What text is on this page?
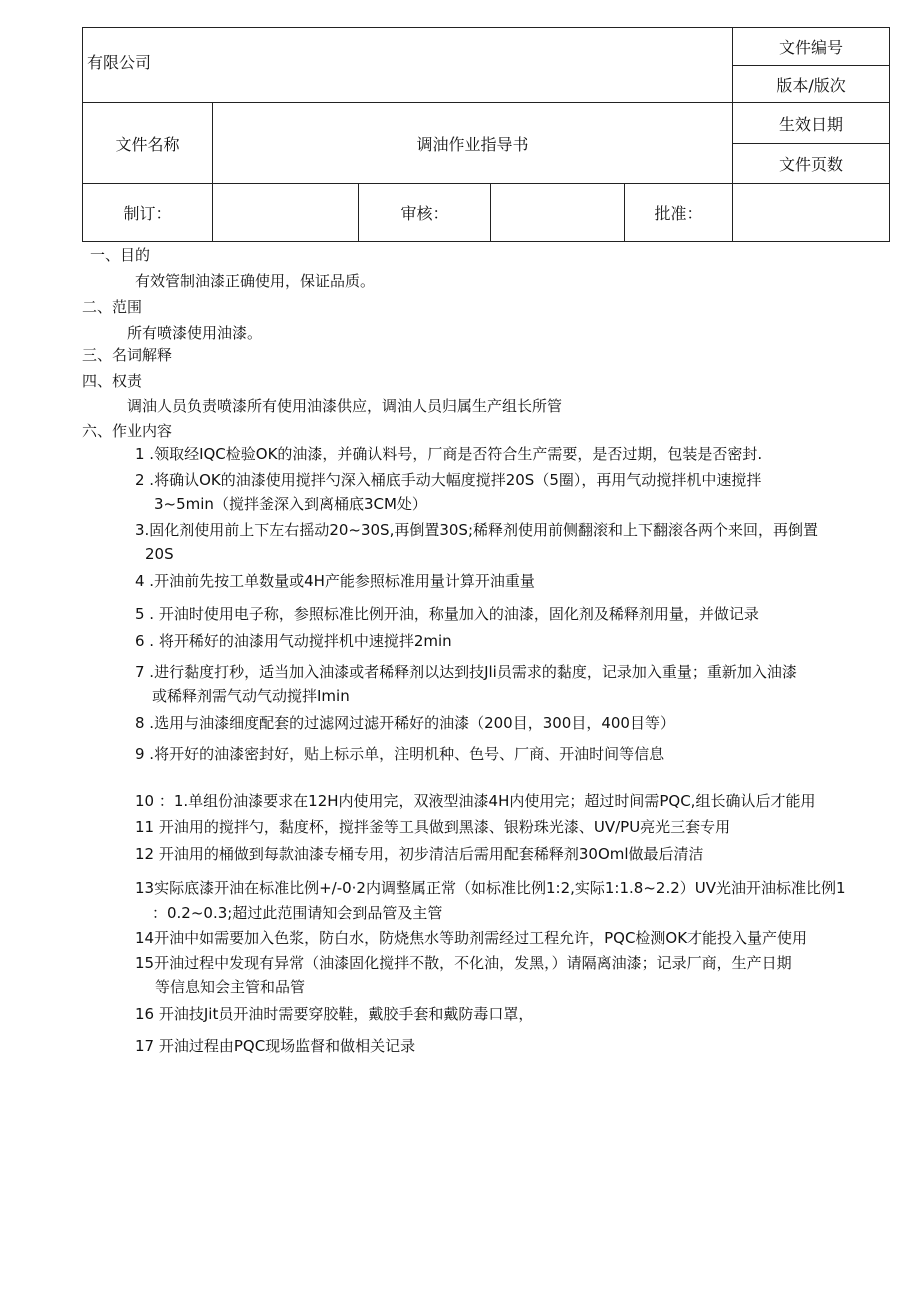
有限公司					文件编号	
					版本/版次	
文件名称	调油作业指导书				生效日期	
					文件页数	
制订：		审核：		批准：		
一、目的
有效管制油漆正确使用，保证品质。
二、范围
所有喷漆使用油漆。
三、名词解释
四、权责
调油人员负责喷漆所有使用油漆供应，调油人员归属生产组长所管
六、作业内容
1 .领取经IQC检验OK的油漆，并确认料号，厂商是否符合生产需要，是否过期，包装是否密封.
2 .将确认OK的油漆使用搅拌勺深入桶底手动大幅度搅拌20S（5圈），再用气动搅拌机中速搅拌
3~5min（搅拌釜深入到离桶底3CM处）
3.固化剂使用前上下左右摇动20~30S,再倒置30S;稀释剂使用前侧翻滚和上下翻滚各两个来回，再倒置
20S
4 .开油前先按工单数量或4H产能参照标准用量计算开油重量
5 . 开油时使用电子称，参照标准比例开油，称量加入的油漆，固化剂及稀释剂用量，并做记录
6 . 将开稀好的油漆用气动搅拌机中速搅拌2min
7 .进行黏度打秒，适当加入油漆或者稀释剂以达到技Jli员需求的黏度，记录加入重量；重新加入油漆
或稀释剂需气动气动搅拌Imin
8 .选用与油漆细度配套的过滤网过滤开稀好的油漆（200目，300目，400目等）
9 .将开好的油漆密封好，贴上标示单，注明机种、色号、厂商、开油时间等信息
10 ：1.单组份油漆要求在12H内使用完，双液型油漆4H内使用完；超过时间需PQC,组长确认后才能用
11 开油用的搅拌勺，黏度杯，搅拌釜等工具做到黑漆、银粉珠光漆、UV/PU亮光三套专用
12 开油用的桶做到每款油漆专桶专用，初步清洁后需用配套稀释剂30Oml做最后清洁
13实际底漆开油在标准比例+/-0·2内调整属正常（如标准比例1:2,实际1:1.8~2.2）UV光油开油标准比例1
：0.2~0.3;超过此范围请知会到品管及主管
14开油中如需要加入色浆，防白水，防烧焦水等助剂需经过工程允许，PQC检测OK才能投入量产使用
15开油过程中发现有异常（油漆固化搅拌不散，不化油，发黑，）请隔离油漆；记录厂商，生产日期
等信息知会主管和品管
16 开油技Jit员开油时需要穿胶鞋，戴胶手套和戴防毒口罩，
17 开油过程由PQC现场监督和做相关记录
